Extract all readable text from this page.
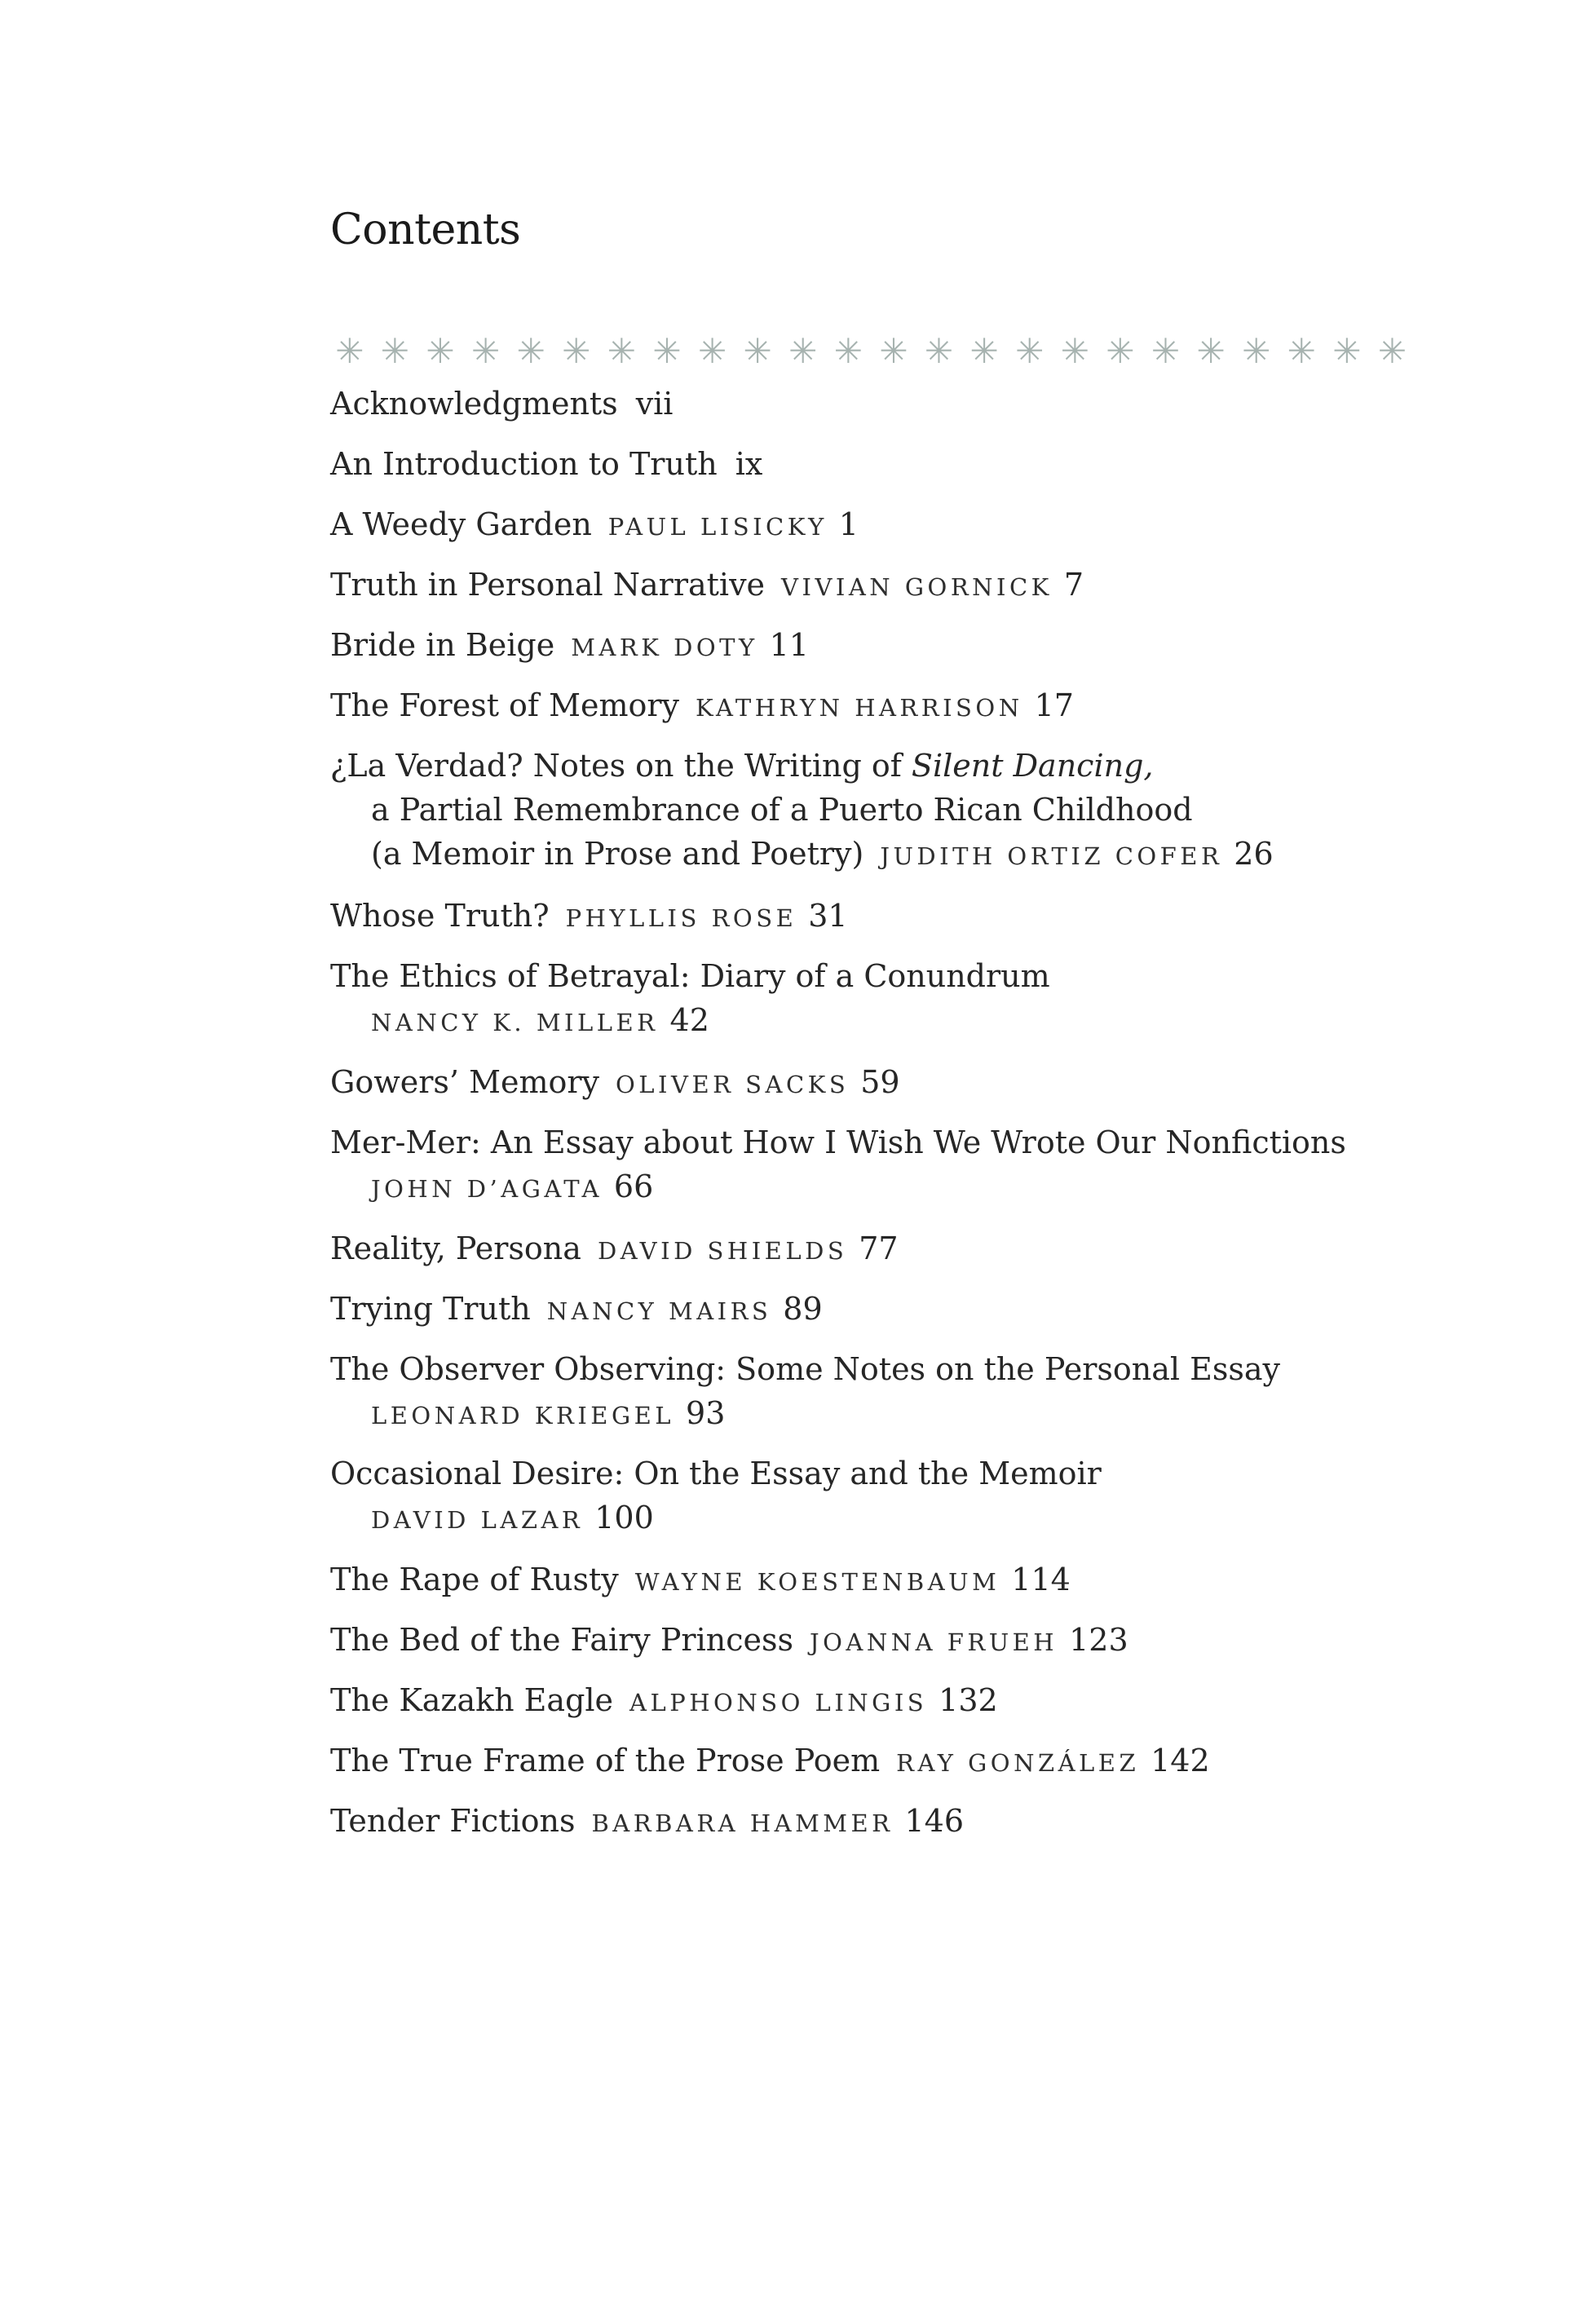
Contents
✳ ✳ ✳ ✳ ✳ ✳ ✳ ✳ ✳ ✳ ✳ ✳ ✳ ✳ ✳ ✳ ✳ ✳ ✳ ✳ ✳ ✳ ✳ ✳
Acknowledgments vii
An Introduction to Truth ix
A Weedy Garden PAUL LISICKY 1
Truth in Personal Narrative VIVIAN GORNICK 7
Bride in Beige MARK DOTY 11
The Forest of Memory KATHRYN HARRISON 17
¿La Verdad? Notes on the Writing of Silent Dancing,
a Partial Remembrance of a Puerto Rican Childhood
(a Memoir in Prose and Poetry) JUDITH ORTIZ COFER 26
Whose Truth? PHYLLIS ROSE 31
The Ethics of Betrayal: Diary of a Conundrum
NANCY K. MILLER 42
Gowers’ Memory OLIVER SACKS 59
Mer-Mer: An Essay about How I Wish We Wrote Our Nonfictions
JOHN D’AGATA 66
Reality, Persona DAVID SHIELDS 77
Trying Truth NANCY MAIRS 89
The Observer Observing: Some Notes on the Personal Essay
LEONARD KRIEGEL 93
Occasional Desire: On the Essay and the Memoir
DAVID LAZAR 100
The Rape of Rusty WAYNE KOESTENBAUM 114
The Bed of the Fairy Princess JOANNA FRUEH 123
The Kazakh Eagle ALPHONSO LINGIS 132
The True Frame of the Prose Poem RAY GONZÁLEZ 142
Tender Fictions BARBARA HAMMER 146
